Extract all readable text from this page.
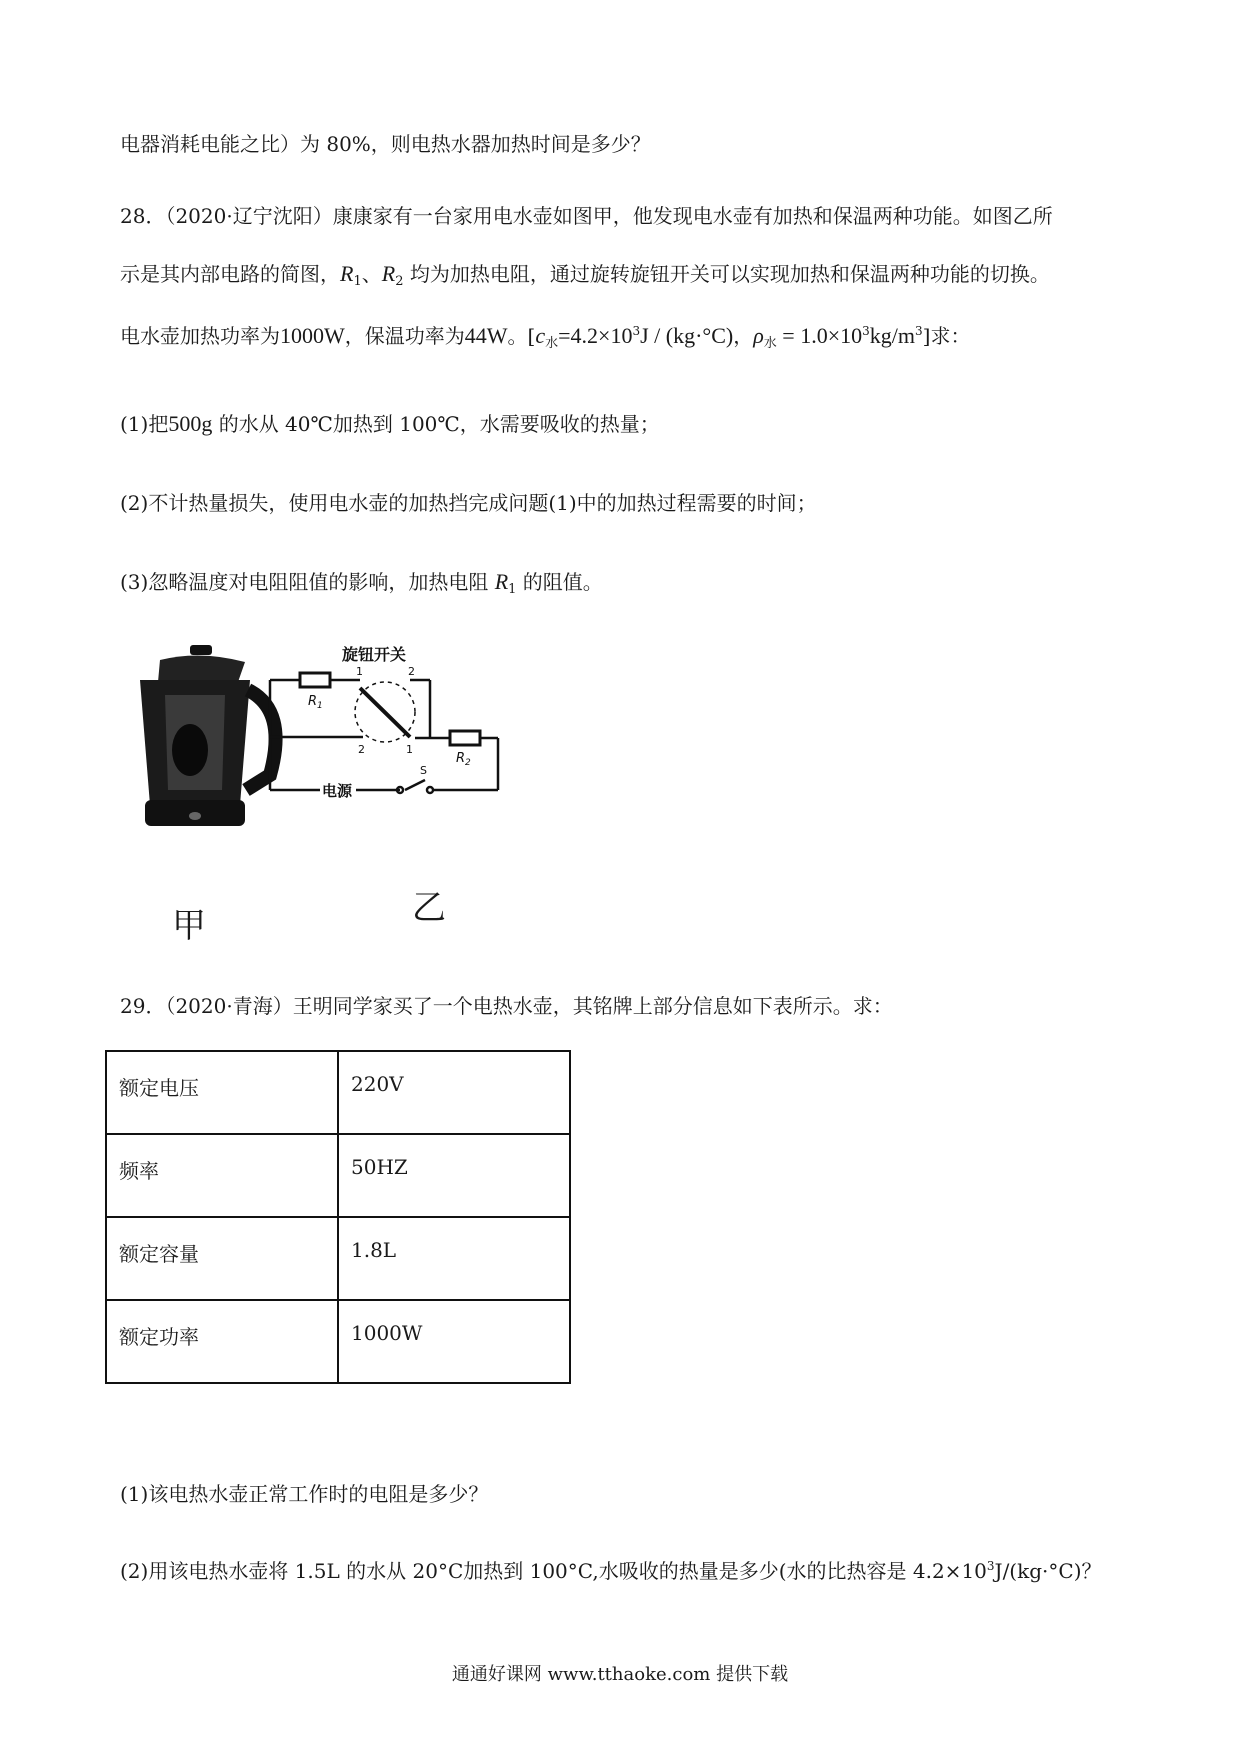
电器消耗电能之比）为 80%，则电热水器加热时间是多少？
28．（2020·辽宁沈阳）康康家有一台家用电水壶如图甲，他发现电水壶有加热和保温两种功能。如图乙所
示是其内部电路的简图，$R_1$、$R_2$ 均为加热电阻，通过旋转旋钮开关可以实现加热和保温两种功能的切换。
电水壶加热功率为1000W，保温功率为44W。[$c_水=4.2\times 10^3J / (kg\cdot^\circ C)$，$\rho_水 = 1.0\times 10^3kg/m^3$]求：
(1)把500g 的水从 40℃加热到 100℃，水需要吸收的热量；
(2)不计热量损失，使用电水壶的加热挡完成问题(1)中的加热过程需要的时间；
(3)忽略温度对电阻阻值的影响，加热电阻 $R_1$ 的阻值。
旋钮开关
$R_1$
$R_2$
1	2
2	1
S
电源
甲	乙
29．（2020·青海）王明同学家买了一个电热水壶，其铭牌上部分信息如下表所示。求：
额定电压	220V
频率	50HZ
额定容量	1.8L
额定功率	1000W
(1)该电热水壶正常工作时的电阻是多少？
(2)用该电热水壶将 1.5L 的水从 20°C加热到 100°C,水吸收的热量是多少(水的比热容是 $4.2\times 10^3J/(kg\cdot^\circ C)$？
通通好课网 www.tthaoke.com 提供下载
